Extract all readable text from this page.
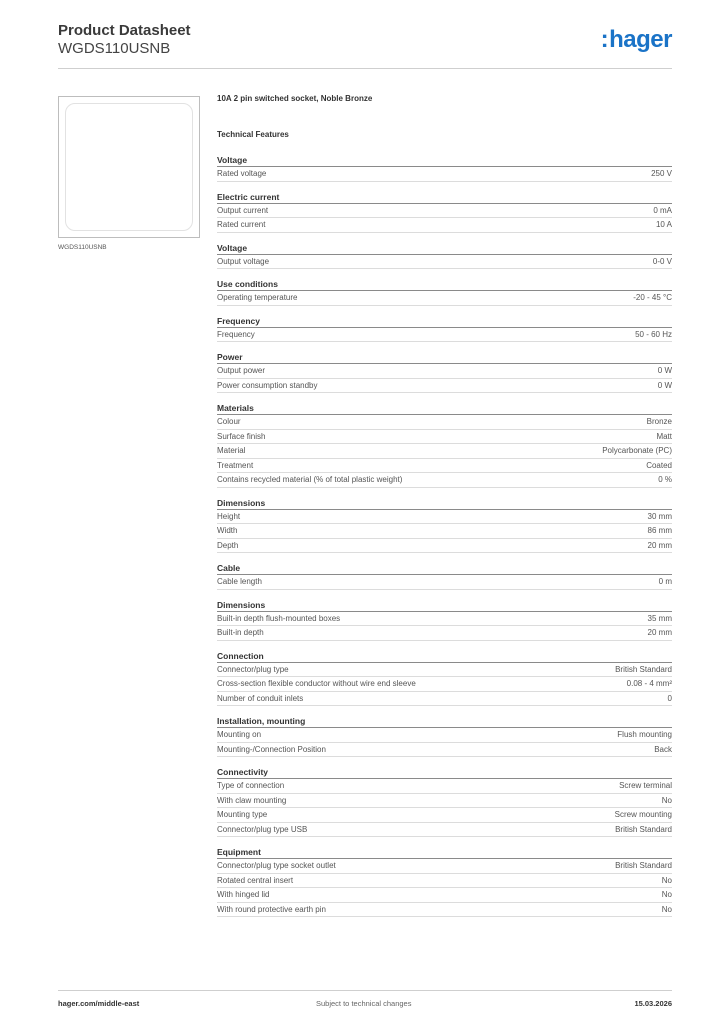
Product Datasheet
WGDS110USNB	:hager
WGDS110USNB
10A 2 pin switched socket, Noble Bronze
Technical Features
Voltage
Rated voltage	250 V
Electric current
Output current	0 mA
Rated current	10 A
Voltage
Output voltage	0-0 V
Use conditions
Operating temperature	-20 - 45 °C
Frequency
Frequency	50 - 60 Hz
Power
Output power	0 W
Power consumption standby	0 W
Materials
Colour	Bronze
Surface finish	Matt
Material	Polycarbonate (PC)
Treatment	Coated
Contains recycled material (% of total plastic weight)	0 %
Dimensions
Height	30 mm
Width	86 mm
Depth	20 mm
Cable
Cable length	0 m
Dimensions
Built-in depth flush-mounted boxes	35 mm
Built-in depth	20 mm
Connection
Connector/plug type	British Standard
Cross-section flexible conductor without wire end sleeve	0.08 - 4 mm²
Number of conduit inlets	0
Installation, mounting
Mounting on	Flush mounting
Mounting-/Connection Position	Back
Connectivity
Type of connection	Screw terminal
With claw mounting	No
Mounting type	Screw mounting
Connector/plug type USB	British Standard
Equipment
Connector/plug type socket outlet	British Standard
Rotated central insert	No
With hinged lid	No
With round protective earth pin	No
hager.com/middle-east	Subject to technical changes	15.03.2026
